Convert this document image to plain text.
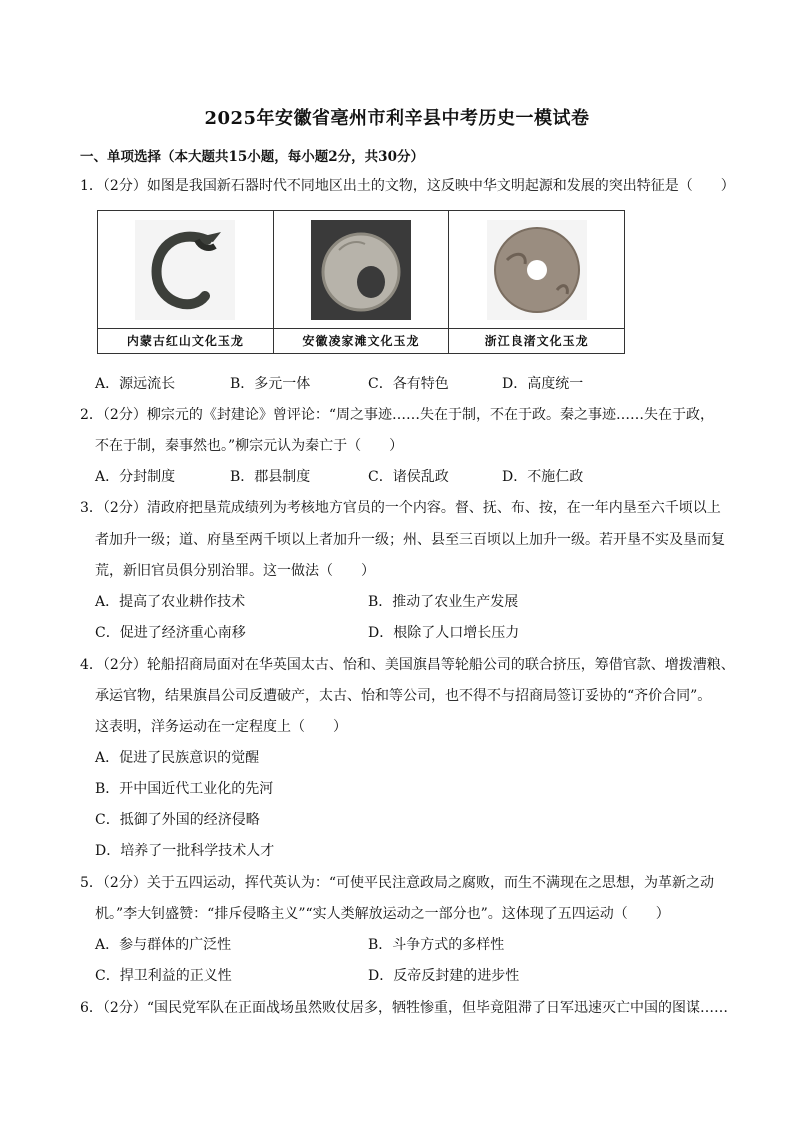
2025年安徽省亳州市利辛县中考历史一模试卷
一、单项选择（本大题共15小题，每小题2分，共30分）
1．（2分）如图是我国新石器时代不同地区出土的文物，这反映中华文明起源和发展的突出特征是（　　）
内蒙古红山文化玉龙	安徽凌家滩文化玉龙	浙江良渚文化玉龙
A．源远流长	B．多元一体	C．各有特色	D．高度统一
2．（2分）柳宗元的《封建论》曾评论：“周之事迹……失在于制，不在于政。秦之事迹……失在于政，
不在于制，秦事然也。”柳宗元认为秦亡于（　　）
A．分封制度	B．郡县制度	C．诸侯乱政	D．不施仁政
3．（2分）清政府把垦荒成绩列为考核地方官员的一个内容。督、抚、布、按，在一年内垦至六千顷以上
者加升一级；道、府垦至两千顷以上者加升一级；州、县至三百顷以上加升一级。若开垦不实及垦而复
荒，新旧官员俱分别治罪。这一做法（　　）
A．提高了农业耕作技术	B．推动了农业生产发展
C．促进了经济重心南移	D．根除了人口增长压力
4．（2分）轮船招商局面对在华英国太古、怡和、美国旗昌等轮船公司的联合挤压，筹借官款、增拨漕粮、
承运官物，结果旗昌公司反遭破产，太古、怡和等公司，也不得不与招商局签订妥协的“齐价合同”。
这表明，洋务运动在一定程度上（　　）
A．促进了民族意识的觉醒
B．开中国近代工业化的先河
C．抵御了外国的经济侵略
D．培养了一批科学技术人才
5．（2分）关于五四运动，挥代英认为：“可使平民注意政局之腐败，而生不满现在之思想，为革新之动
机。”李大钊盛赞：“排斥侵略主义”“实人类解放运动之一部分也”。这体现了五四运动（　　）
A．参与群体的广泛性	B．斗争方式的多样性
C．捍卫利益的正义性	D．反帝反封建的进步性
6．（2分）“国民党军队在正面战场虽然败仗居多，牺牲惨重，但毕竟阻滞了日军迅速灭亡中国的图谋……
